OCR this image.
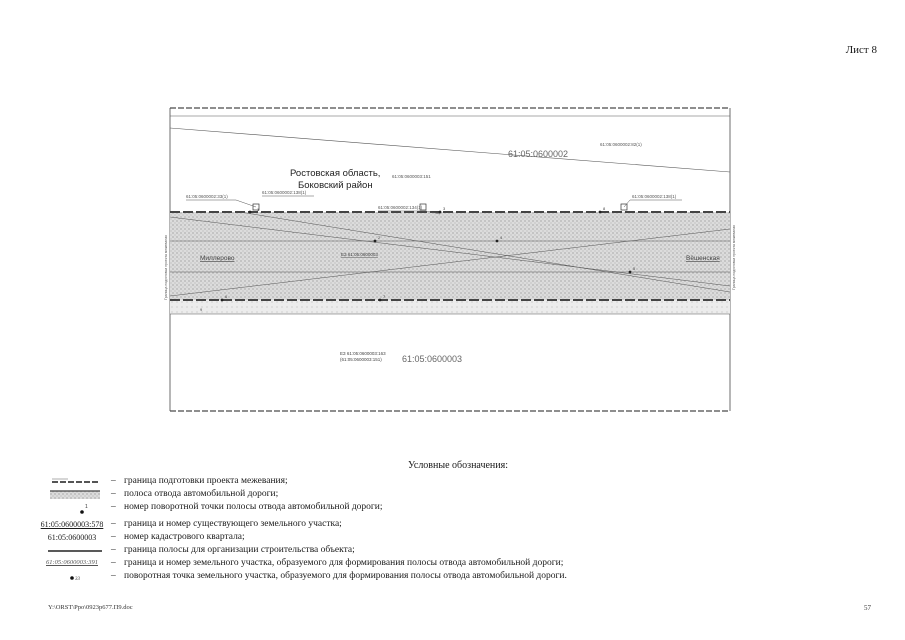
Лист 8
Ростовская область,
Боковский район
61:05:0600002
61:05:0600003
61:05:0600002:82(1)
61:05:0600003:151
ЕЗ 61:05:0600003:163
(61:05:0600003:151)
61:05:0600002:33(1)
61:05:0600002:138(1)
61:05:0600002:134(1)
61:05:0600002:138(1)
ЕЗ 61:05:0600003
Миллерово	Вёшенская
Граница подготовки проекта межевания	Граница подготовки проекта межевания
1
2
3
4
5
6	7
8
9
Условные обозначения:
– граница подготовки проекта межевания;
– полоса отвода автомобильной дороги;
1 – номер поворотной точки полосы отвода автомобильной дороги;
61:05:0600003:578 – граница и номер существующего земельного участка;
61:05:0600003	– номер кадастрового квартала;
– граница полосы для организации строительства объекта;
61:05:0600003:391	– граница и номер земельного участка, образуемого для формирования полосы отвода автомобильной дороги;
33	– поворотная точка земельного участка, образуемого для формирования полосы отвода автомобильной дороги.
Y:\ORST\Ppo\0923p677.П9.doc	57
